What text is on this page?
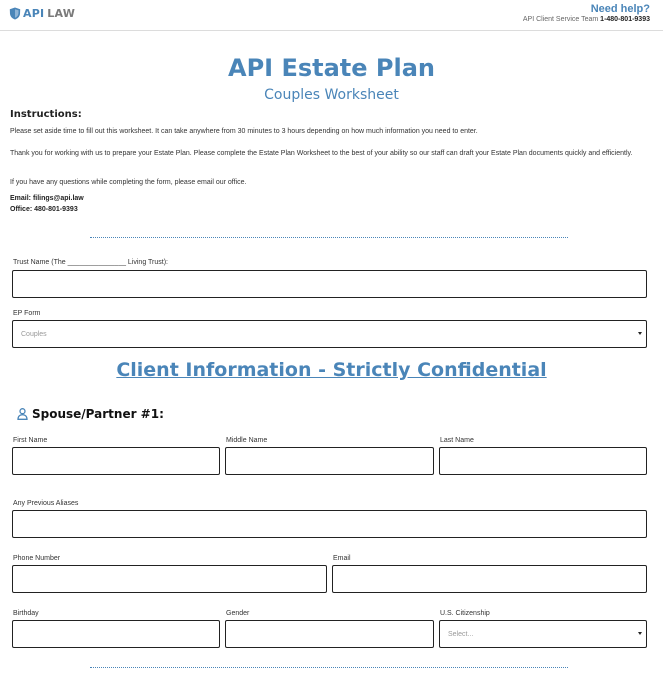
API LAW	Need help?
API Client Service Team 1-480-801-9393
API Estate Plan
Couples Worksheet
Instructions:
Please set aside time to fill out this worksheet. It can take anywhere from 30 minutes to 3 hours depending on how much information you need to enter.
Thank you for working with us to prepare your Estate Plan. Please complete the Estate Plan Worksheet to the best of your ability so our staff can draft your Estate Plan documents quickly and efficiently.
If you have any questions while completing the form, please email our office.
Email: filings@api.law
Office: 480-801-9393
Trust Name (The _______________ Living Trust):
EP Form
Couples
Client Information - Strictly Confidential
Spouse/Partner #1:
First Name	Middle Name	Last Name
Any Previous Aliases
Phone Number	Email
Birthday	Gender	U.S. Citizenship
Select...
